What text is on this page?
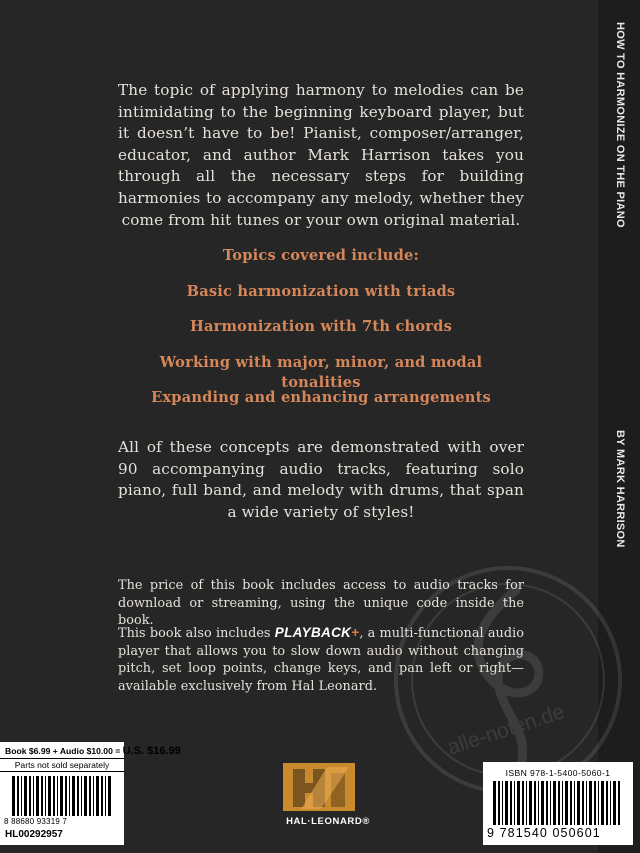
HOW TO HARMONIZE ON THE PIANO
BY MARK HARRISON
The topic of applying harmony to melodies can be intimidating to the beginning keyboard player, but it doesn’t have to be! Pianist, composer/arranger, educator, and author Mark Harrison takes you through all the necessary steps for building harmonies to accompany any melody, whether they come from hit tunes or your own original material.
Topics covered include:
Basic harmonization with triads
Harmonization with 7th chords
Working with major, minor, and modal tonalities
Expanding and enhancing arrangements
All of these concepts are demonstrated with over 90 accompanying audio tracks, featuring solo piano, full band, and melody with drums, that span a wide variety of styles!
The price of this book includes access to audio tracks for download or streaming, using the unique code inside the book.
This book also includes PLAYBACK+, a multi-functional audio player that allows you to slow down audio without changing pitch, set loop points, change keys, and pan left or right—available exclusively from Hal Leonard.
alle-noten.de
Book $6.99 + Audio $10.00 = U.S. $16.99
Parts not sold separately
8 88680 93319 7
HL00292957
HAL·LEONARD®
ISBN 978-1-5400-5060-1
9 781540 050601
